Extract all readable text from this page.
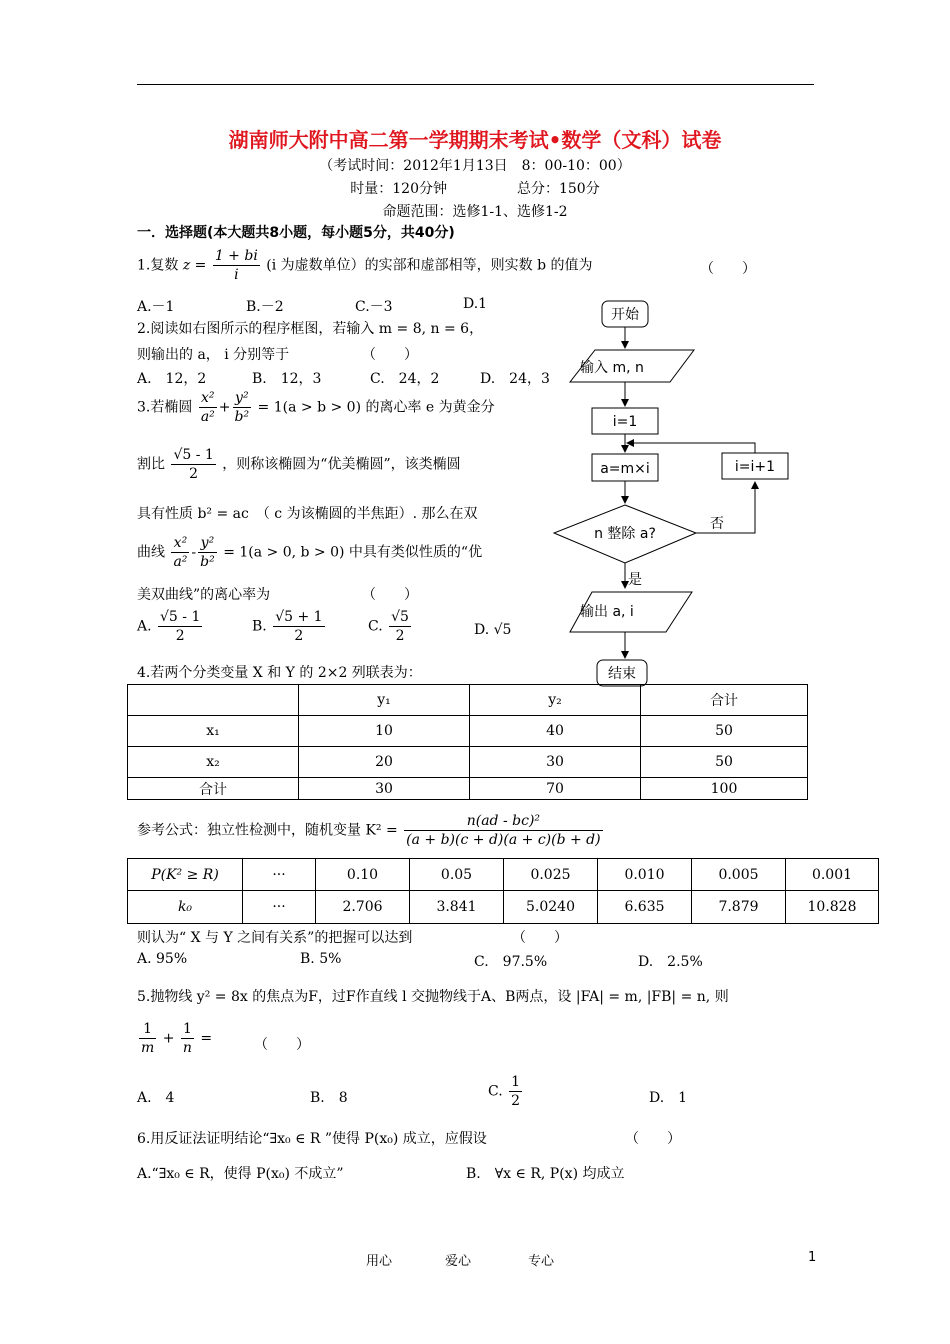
湖南师大附中高二第一学期期末考试•数学（文科）试卷
（考试时间：2012年1月13日　8：00-10：00）
时量：120分钟　　　　　总分：150分
命题范围：选修1-1、选修1-2
一．选择题(本大题共8小题，每小题5分，共40分)
1.复数 $z = \frac{1 + bi}{i} (i$ 为虚数单位）的实部和虚部相等，则实数 b 的值为	（　　）
A.－1	B.－2	C.－3	D.1
2.阅读如右图所示的程序框图，若输入 m = 8, n = 6，
则输出的 a， i 分别等于	（　　）
A.　12，2	B.　12，3	C.　24，2	D.　24，3
3.若椭圆 $\frac{\text{x²}}{\text{a²}} + \frac{\text{y²}}{\text{b²}} = 1(a > b > 0)$ 的离心率 e 为黄金分
割比 $\frac{√5 - 1}{2}$ ，则称该椭圆为“优美椭圆”，该类椭圆
具有性质 b² = ac　（ c 为该椭圆的半焦距）. 那么在双
曲线 $\frac{\text{x²}}{\text{a²}} - \frac{\text{y²}}{\text{b²}} = 1(a > 0$, b > 0) 中具有类似性质的“优
美双曲线”的离心率为	（　　）
A. $\frac{√5 - 1}{2}$	B. $\frac{√5 + 1}{2}$	C. $\frac{√5}{2}$	D. √5
开始
输入 m, n
i=1
a=m×i	i=i+1
n 整除 a?
否
是
输出 a, i
结束
4.若两个分类变量 X 和 Y 的 2×2 列联表为：
	y₁	y₂	合计
x₁	10	40	50
x₂	20	30	50
合计	30	70	100
参考公式：独立性检测中，随机变量 $K^2 = \frac{\text{n(ad - bc)²}}{(a + b)(c + d)(a + c)(b + d)}$
P(K² ≥ R)	···	0.10	0.05	0.025	0.010	0.005	0.001
k₀	···	2.706	3.841	5.0240	6.635	7.879	10.828
则认为“ X 与 Y 之间有关系”的把握可以达到	（　　）
A. 95%	B. 5%	C.　97.5%	D.　2.5%
5.抛物线 y² = 8x 的焦点为F，过F作直线 l 交抛物线于A、B两点，设 |FA| = m, |FB| = n, 则
$\frac{1}{m} + \frac{1}{n}$ =	（　　）
A.　4	B.　8	C. $\frac{1}{2}$	D.　1
6.用反证法证明结论“∃x₀ ∈ R ”使得 P(x₀) 成立，应假设	（　　）
A.“∃x₀ ∈ R，使得 P(x₀) 不成立”	B.　∀x ∈ R, P(x) 均成立
用心	爱心	专心	1
